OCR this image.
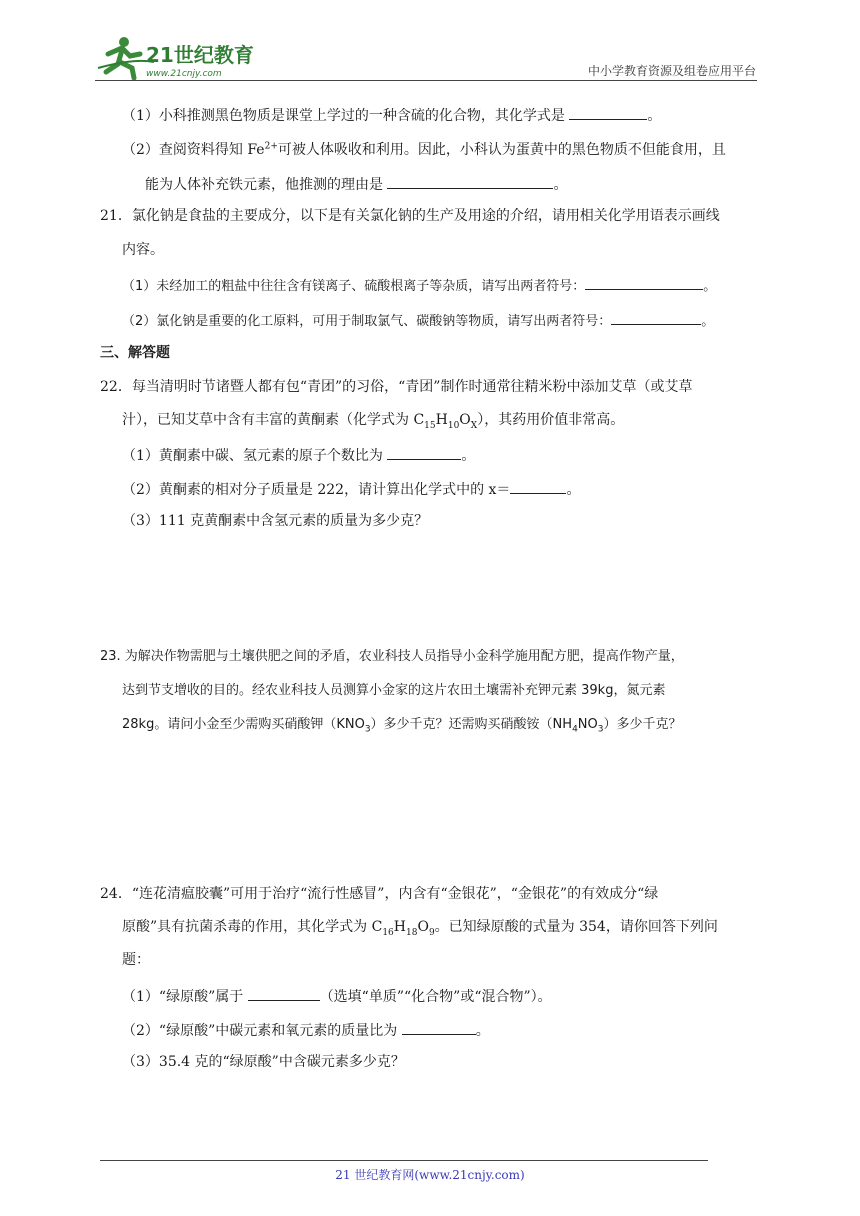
21世纪教育
www.21cnjy.com	中小学教育资源及组卷应用平台
（1）小科推测黑色物质是课堂上学过的一种含硫的化合物，其化学式是	。
（2）查阅资料得知 $Fe^{2+}$可被人体吸收和利用。因此，小科认为蛋黄中的黑色物质不但能食用，且
能为人体补充铁元素，他推测的理由是	。
21．氯化钠是食盐的主要成分，以下是有关氯化钠的生产及用途的介绍，请用相关化学用语表示画线
内容。
（1）未经加工的粗盐中往往含有镁离子、硫酸根离子等杂质，请写出两者符号：	。
（2）氯化钠是重要的化工原料，可用于制取氯气、碳酸钠等物质，请写出两者符号：	。
三、解答题
22．每当清明时节诸暨人都有包“青团”的习俗，“青团”制作时通常往精米粉中添加艾草（或艾草
汁），已知艾草中含有丰富的黄酮素（化学式为 $C_{15}H_{10}O_X$），其药用价值非常高。
（1）黄酮素中碳、氢元素的原子个数比为	。
（2）黄酮素的相对分子质量是 222，请计算出化学式中的 x＝	。
（3）111 克黄酮素中含氢元素的质量为多少克？
23. 为解决作物需肥与土壤供肥之间的矛盾，农业科技人员指导小金科学施用配方肥，提高作物产量，
达到节支增收的目的。经农业科技人员测算小金家的这片农田土壤需补充钾元素 39kg，氮元素
28kg。请问小金至少需购买硝酸钾$(KNO_3)$多少千克？还需购买硝酸铵$(NH_4NO_3)$多少千克？
24．“连花清瘟胶囊”可用于治疗“流行性感冒”，内含有“金银花”，“金银花”的有效成分“绿
原酸”具有抗菌杀毒的作用，其化学式为 $C_{16}H_{18}O_9$。已知绿原酸的式量为 354，请你回答下列问
题：
（1）“绿原酸”属于	（选填“单质”“化合物”或“混合物”）。
（2）“绿原酸”中碳元素和氧元素的质量比为	。
（3）35.4 克的“绿原酸”中含碳元素多少克？
21 世纪教育网(www.21cnjy.com)
